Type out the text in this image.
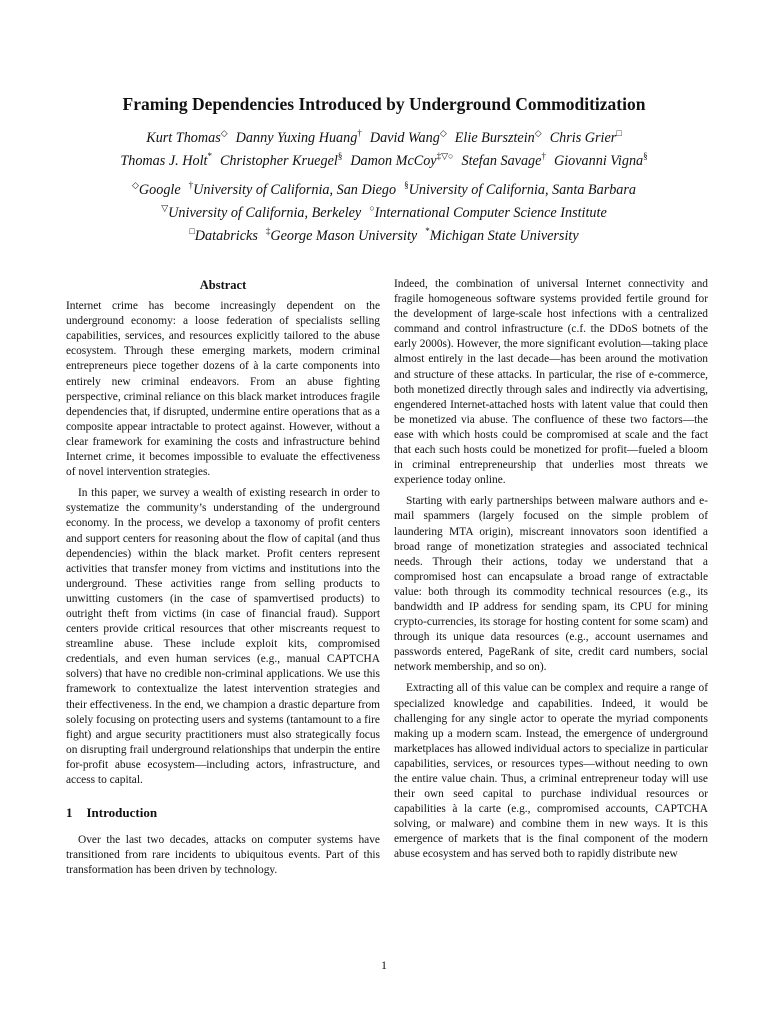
Framing Dependencies Introduced by Underground Commoditization
Kurt Thomas◇ Danny Yuxing Huang† David Wang◇ Elie Bursztein◇ Chris Grier□
Thomas J. Holt* Christopher Kruegel§ Damon McCoy‡▽○ Stefan Savage† Giovanni Vigna§
◇Google †University of California, San Diego §University of California, Santa Barbara
▽University of California, Berkeley ○International Computer Science Institute
□Databricks ‡George Mason University *Michigan State University
Abstract

Internet crime has become increasingly dependent on the underground economy: a loose federation of specialists selling capabilities, services, and resources explicitly tailored to the abuse ecosystem. Through these emerging markets, modern criminal entrepreneurs piece together dozens of à la carte components into entirely new criminal endeavors. From an abuse fighting perspective, criminal reliance on this black market introduces fragile dependencies that, if disrupted, undermine entire operations that as a composite appear intractable to protect against. However, without a clear framework for examining the costs and infrastructure behind Internet crime, it becomes impossible to evaluate the effectiveness of novel intervention strategies.

In this paper, we survey a wealth of existing research in order to systematize the community’s understanding of the underground economy. In the process, we develop a taxonomy of profit centers and support centers for reasoning about the flow of capital (and thus dependencies) within the black market. Profit centers represent activities that transfer money from victims and institutions into the underground. These activities range from selling products to unwitting customers (in the case of spamvertised products) to outright theft from victims (in case of financial fraud). Support centers provide critical resources that other miscreants request to streamline abuse. These include exploit kits, compromised credentials, and even human services (e.g., manual CAPTCHA solvers) that have no credible non-criminal applications. We use this framework to contextualize the latest intervention strategies and their effectiveness. In the end, we champion a drastic departure from solely focusing on protecting users and systems (tantamount to a fire fight) and argue security practitioners must also strategically focus on disrupting frail underground relationships that underpin the entire for-profit abuse ecosystem—including actors, infrastructure, and access to capital.

1 Introduction

Over the last two decades, attacks on computer systems have transitioned from rare incidents to ubiquitous events. Part of this transformation has been driven by technology.

Indeed, the combination of universal Internet connectivity and fragile homogeneous software systems provided fertile ground for the development of large-scale host infections with a centralized command and control infrastructure (c.f. the DDoS botnets of the early 2000s). However, the more significant evolution—taking place almost entirely in the last decade—has been around the motivation and structure of these attacks. In particular, the rise of e-commerce, both monetized directly through sales and indirectly via advertising, engendered Internet-attached hosts with latent value that could then be monetized via abuse. The confluence of these two factors—the ease with which hosts could be compromised at scale and the fact that each such hosts could be monetized for profit—fueled a bloom in criminal entrepreneurship that underlies most threats we experience today online.

Starting with early partnerships between malware authors and e-mail spammers (largely focused on the simple problem of laundering MTA origin), miscreant innovators soon identified a broad range of monetization strategies and associated technical needs. Through their actions, today we understand that a compromised host can encapsulate a broad range of extractable value: both through its commodity technical resources (e.g., its bandwidth and IP address for sending spam, its CPU for mining crypto-currencies, its storage for hosting content for some scam) and through its unique data resources (e.g., account usernames and passwords entered, PageRank of site, credit card numbers, social network membership, and so on).

Extracting all of this value can be complex and require a range of specialized knowledge and capabilities. Indeed, it would be challenging for any single actor to operate the myriad components making up a modern scam. Instead, the emergence of underground marketplaces has allowed individual actors to specialize in particular capabilities, services, or resources types—without needing to own the entire value chain. Thus, a criminal entrepreneur today will use their own seed capital to purchase individual resources or capabilities à la carte (e.g., compromised accounts, CAPTCHA solving, or malware) and combine them in new ways. It is this emergence of markets that is the final component of the modern abuse ecosystem and has served both to rapidly distribute new

1
